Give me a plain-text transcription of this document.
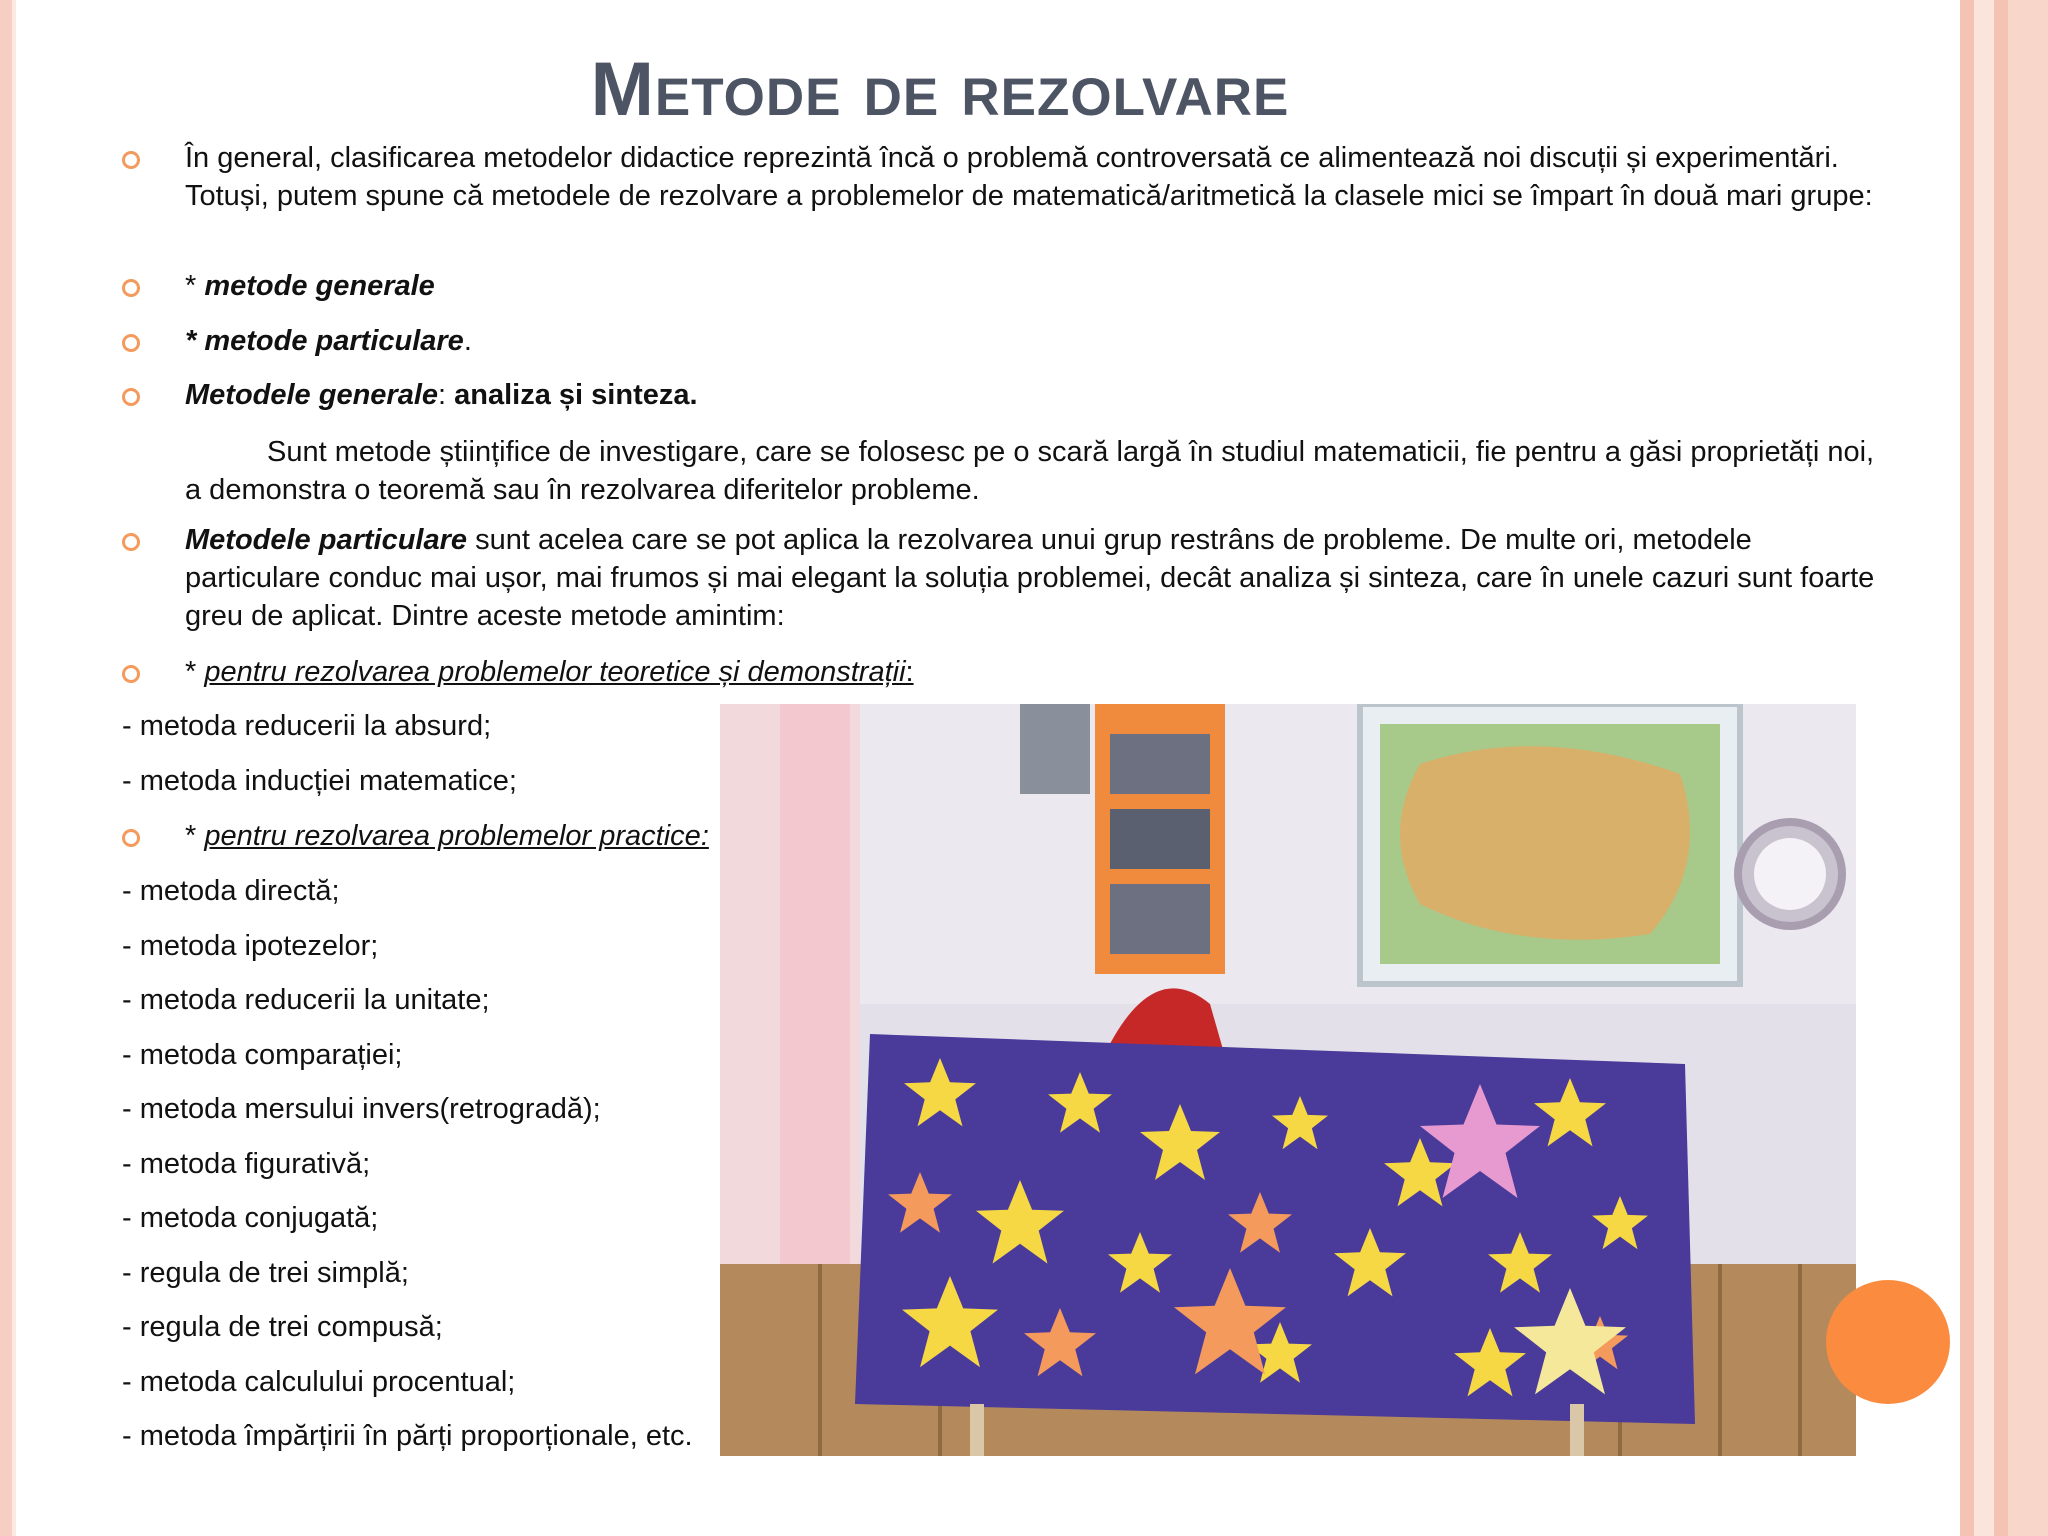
Metode de rezolvare
În general, clasificarea metodelor didactice reprezintă încă o problemă controversată ce alimentează noi discuții și experimentări. Totuși, putem spune că metodele de rezolvare a problemelor de matematică/aritmetică la clasele mici se împart în două mari grupe:
* metode generale
* metode particulare.
Metodele generale: analiza și sinteza.
Sunt metode științifice de investigare, care se folosesc pe o scară largă în studiul matematicii, fie pentru a găsi proprietăți noi, a demonstra o teoremă sau în rezolvarea diferitelor probleme.
Metodele particulare sunt acelea care se pot aplica la rezolvarea unui grup restrâns de probleme. De multe ori, metodele particulare conduc mai ușor, mai frumos și mai elegant la soluția problemei, decât analiza și sinteza, care în unele cazuri sunt foarte greu de aplicat. Dintre aceste metode amintim:
* pentru rezolvarea problemelor teoretice și demonstrații:
- metoda reducerii la absurd;
- metoda inducției matematice;
* pentru rezolvarea problemelor practice:
- metoda directă;
- metoda ipotezelor;
- metoda reducerii la unitate;
- metoda comparației;
- metoda mersului invers(retrogradă);
- metoda figurativă;
- metoda conjugată;
- regula de trei simplă;
- regula de trei compusă;
- metoda calculului procentual;
- metoda împărțirii în părți proporționale, etc.
